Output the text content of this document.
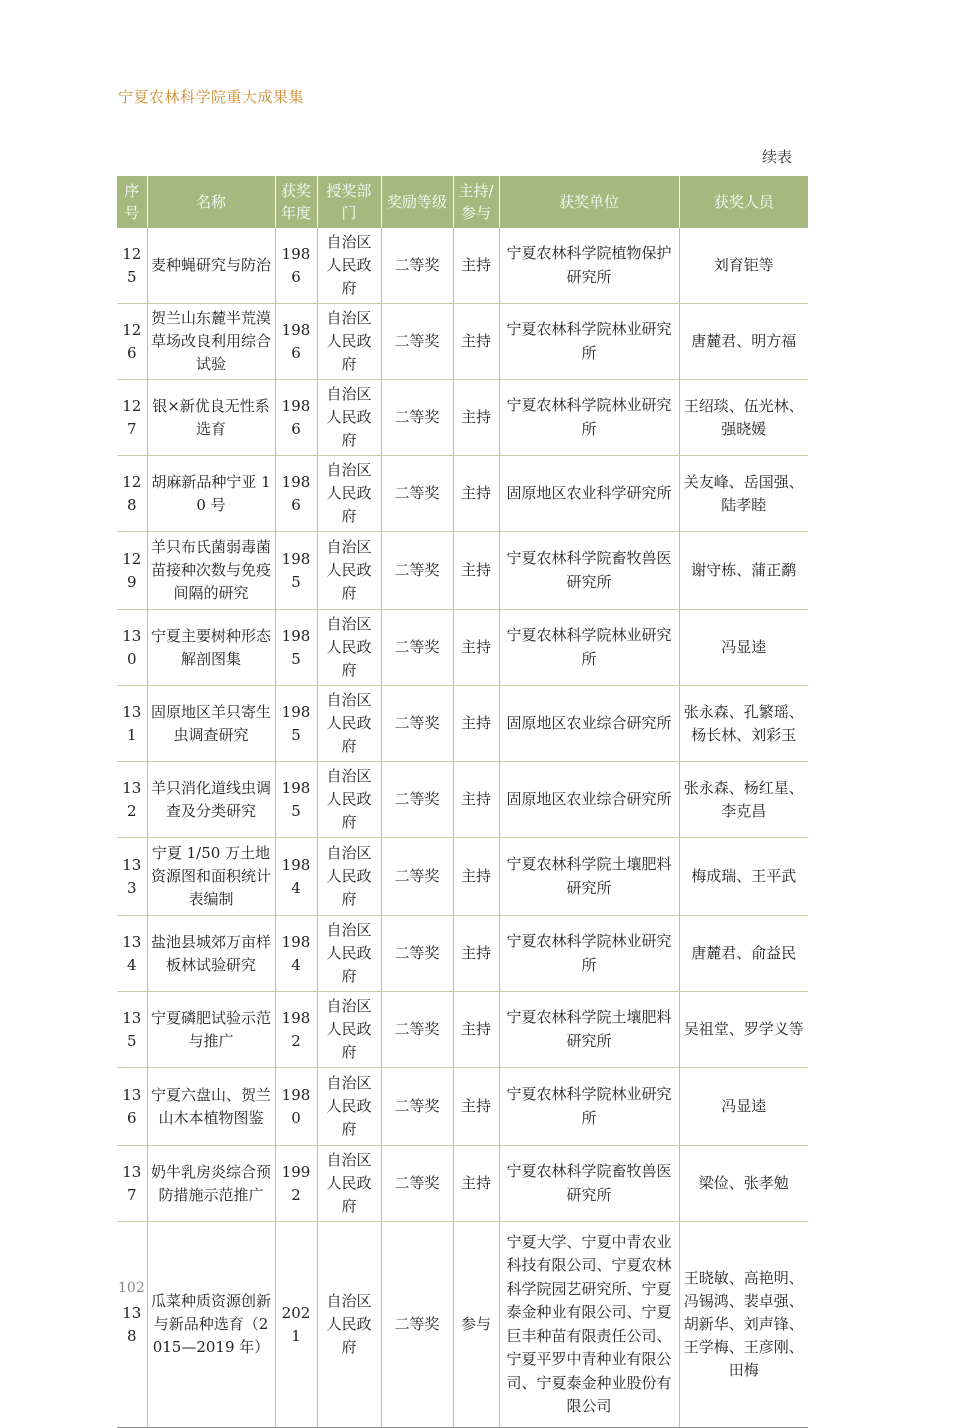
宁夏农林科学院重大成果集
续表
序号	名称	获奖年度	授奖部门	奖励等级	主持/参与	获奖单位	获奖人员
125	麦种蝇研究与防治	1986	自治区人民政府	二等奖	主持	宁夏农林科学院植物保护研究所	刘育钜等
126	贺兰山东麓半荒漠草场改良利用综合试验	1986	自治区人民政府	二等奖	主持	宁夏农林科学院林业研究所	唐麓君、明方福
127	银×新优良无性系选育	1986	自治区人民政府	二等奖	主持	宁夏农林科学院林业研究所	王绍琰、伍光林、强晓媛
128	胡麻新品种宁亚 10 号	1986	自治区人民政府	二等奖	主持	固原地区农业科学研究所	关友峰、岳国强、陆孝睦
129	羊只布氏菌弱毒菌苗接种次数与免疫间隔的研究	1985	自治区人民政府	二等奖	主持	宁夏农林科学院畜牧兽医研究所	谢守栋、蒲正鹬
130	宁夏主要树种形态解剖图集	1985	自治区人民政府	二等奖	主持	宁夏农林科学院林业研究所	冯显逵
131	固原地区羊只寄生虫调查研究	1985	自治区人民政府	二等奖	主持	固原地区农业综合研究所	张永森、孔繁瑶、杨长林、刘彩玉
132	羊只消化道线虫调查及分类研究	1985	自治区人民政府	二等奖	主持	固原地区农业综合研究所	张永森、杨红星、李克昌
133	宁夏 1/50 万土地资源图和面积统计表编制	1984	自治区人民政府	二等奖	主持	宁夏农林科学院土壤肥料研究所	梅成瑞、王平武
134	盐池县城郊万亩样板林试验研究	1984	自治区人民政府	二等奖	主持	宁夏农林科学院林业研究所	唐麓君、俞益民
135	宁夏磷肥试验示范与推广	1982	自治区人民政府	二等奖	主持	宁夏农林科学院土壤肥料研究所	吴祖堂、罗学义等
136	宁夏六盘山、贺兰山木本植物图鉴	1980	自治区人民政府	二等奖	主持	宁夏农林科学院林业研究所	冯显逵
137	奶牛乳房炎综合预防措施示范推广	1992	自治区人民政府	二等奖	主持	宁夏农林科学院畜牧兽医研究所	梁俭、张孝勉
138	瓜菜种质资源创新与新品种选育（2015—2019 年）	2021	自治区人民政府	二等奖	参与	宁夏大学、宁夏中青农业科技有限公司、宁夏农林科学院园艺研究所、宁夏泰金种业有限公司、宁夏巨丰种苗有限责任公司、宁夏平罗中青种业有限公司、宁夏泰金种业股份有限公司	王晓敏、高艳明、冯锡鸿、裴卓强、胡新华、刘声锋、王学梅、王彦刚、田梅
102
